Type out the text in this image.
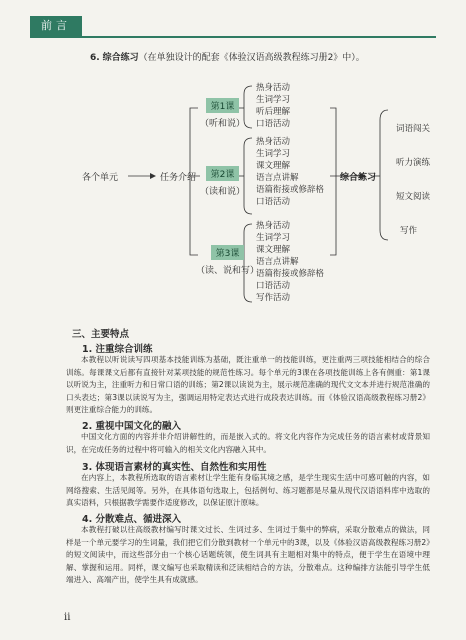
前言
6. 综合练习（在单独设计的配套《体验汉语高级教程练习册2》中）。
各个单元	任务介绍
第1课
（听和说）
第2课
（读和说）
第3课
（读、说和写）
热身活动
生词学习
听后理解
口语活动
热身活动
生词学习
课文理解
语言点讲解
语篇衔接或修辞格
口语活动
热身活动
生词学习
课文理解
语言点讲解
语篇衔接或修辞格
口语活动
写作活动
综合练习
词语闯关
听力演练
短文阅读
写作
三、主要特点
1. 注重综合训练
本教程以听说读写四项基本技能训练为基础，既注重单一的技能训练，更注重两三项技能相结合的综合训练。每课课文后都有直接针对某项技能的规范性练习。每个单元的3课在各项技能训练上各有侧重：第1课以听说为主，注重听力和日常口语的训练；第2课以读说为主，展示规范准确的现代文文本并进行规范准确的口头表达；第3课以读说写为主，强调运用特定表达式进行成段表达训练。而《体验汉语高级教程练习册2》则更注重综合能力的训练。
2. 重视中国文化的融入
中国文化方面的内容并非介绍讲解性的，而是嵌入式的。将文化内容作为完成任务的语言素材或背景知识，在完成任务的过程中将可输入的相关文化内容融入其中。
3. 体现语言素材的真实性、自然性和实用性
在内容上，本教程所选取的语言素材让学生能有身临其境之感，是学生现实生活中可感可触的内容，如网络搜索、生活见闻等。另外，在具体语句选取上，包括例句、练习题都是尽量从现代汉语语料库中选取的真实语料，只根据教学需要作适度修改，以保证原汁原味。
4. 分散难点、循进深入
本教程打破以往高级教材编写时课文过长、生词过多、生词过于集中的弊病，采取分散难点的做法，同样是一个单元要学习的生词量，我们把它们分散到教材一个单元中的3课，以及《体验汉语高级教程练习册2》的短文阅读中，而这些部分由一个核心话题统领，使生词具有主题相对集中的特点，便于学生在语境中理解、掌握和运用。同样，课文编写也采取精读和泛读相结合的方法，分散难点。这种编排方法能引导学生低端进入、高端产出，使学生具有成就感。
ii
